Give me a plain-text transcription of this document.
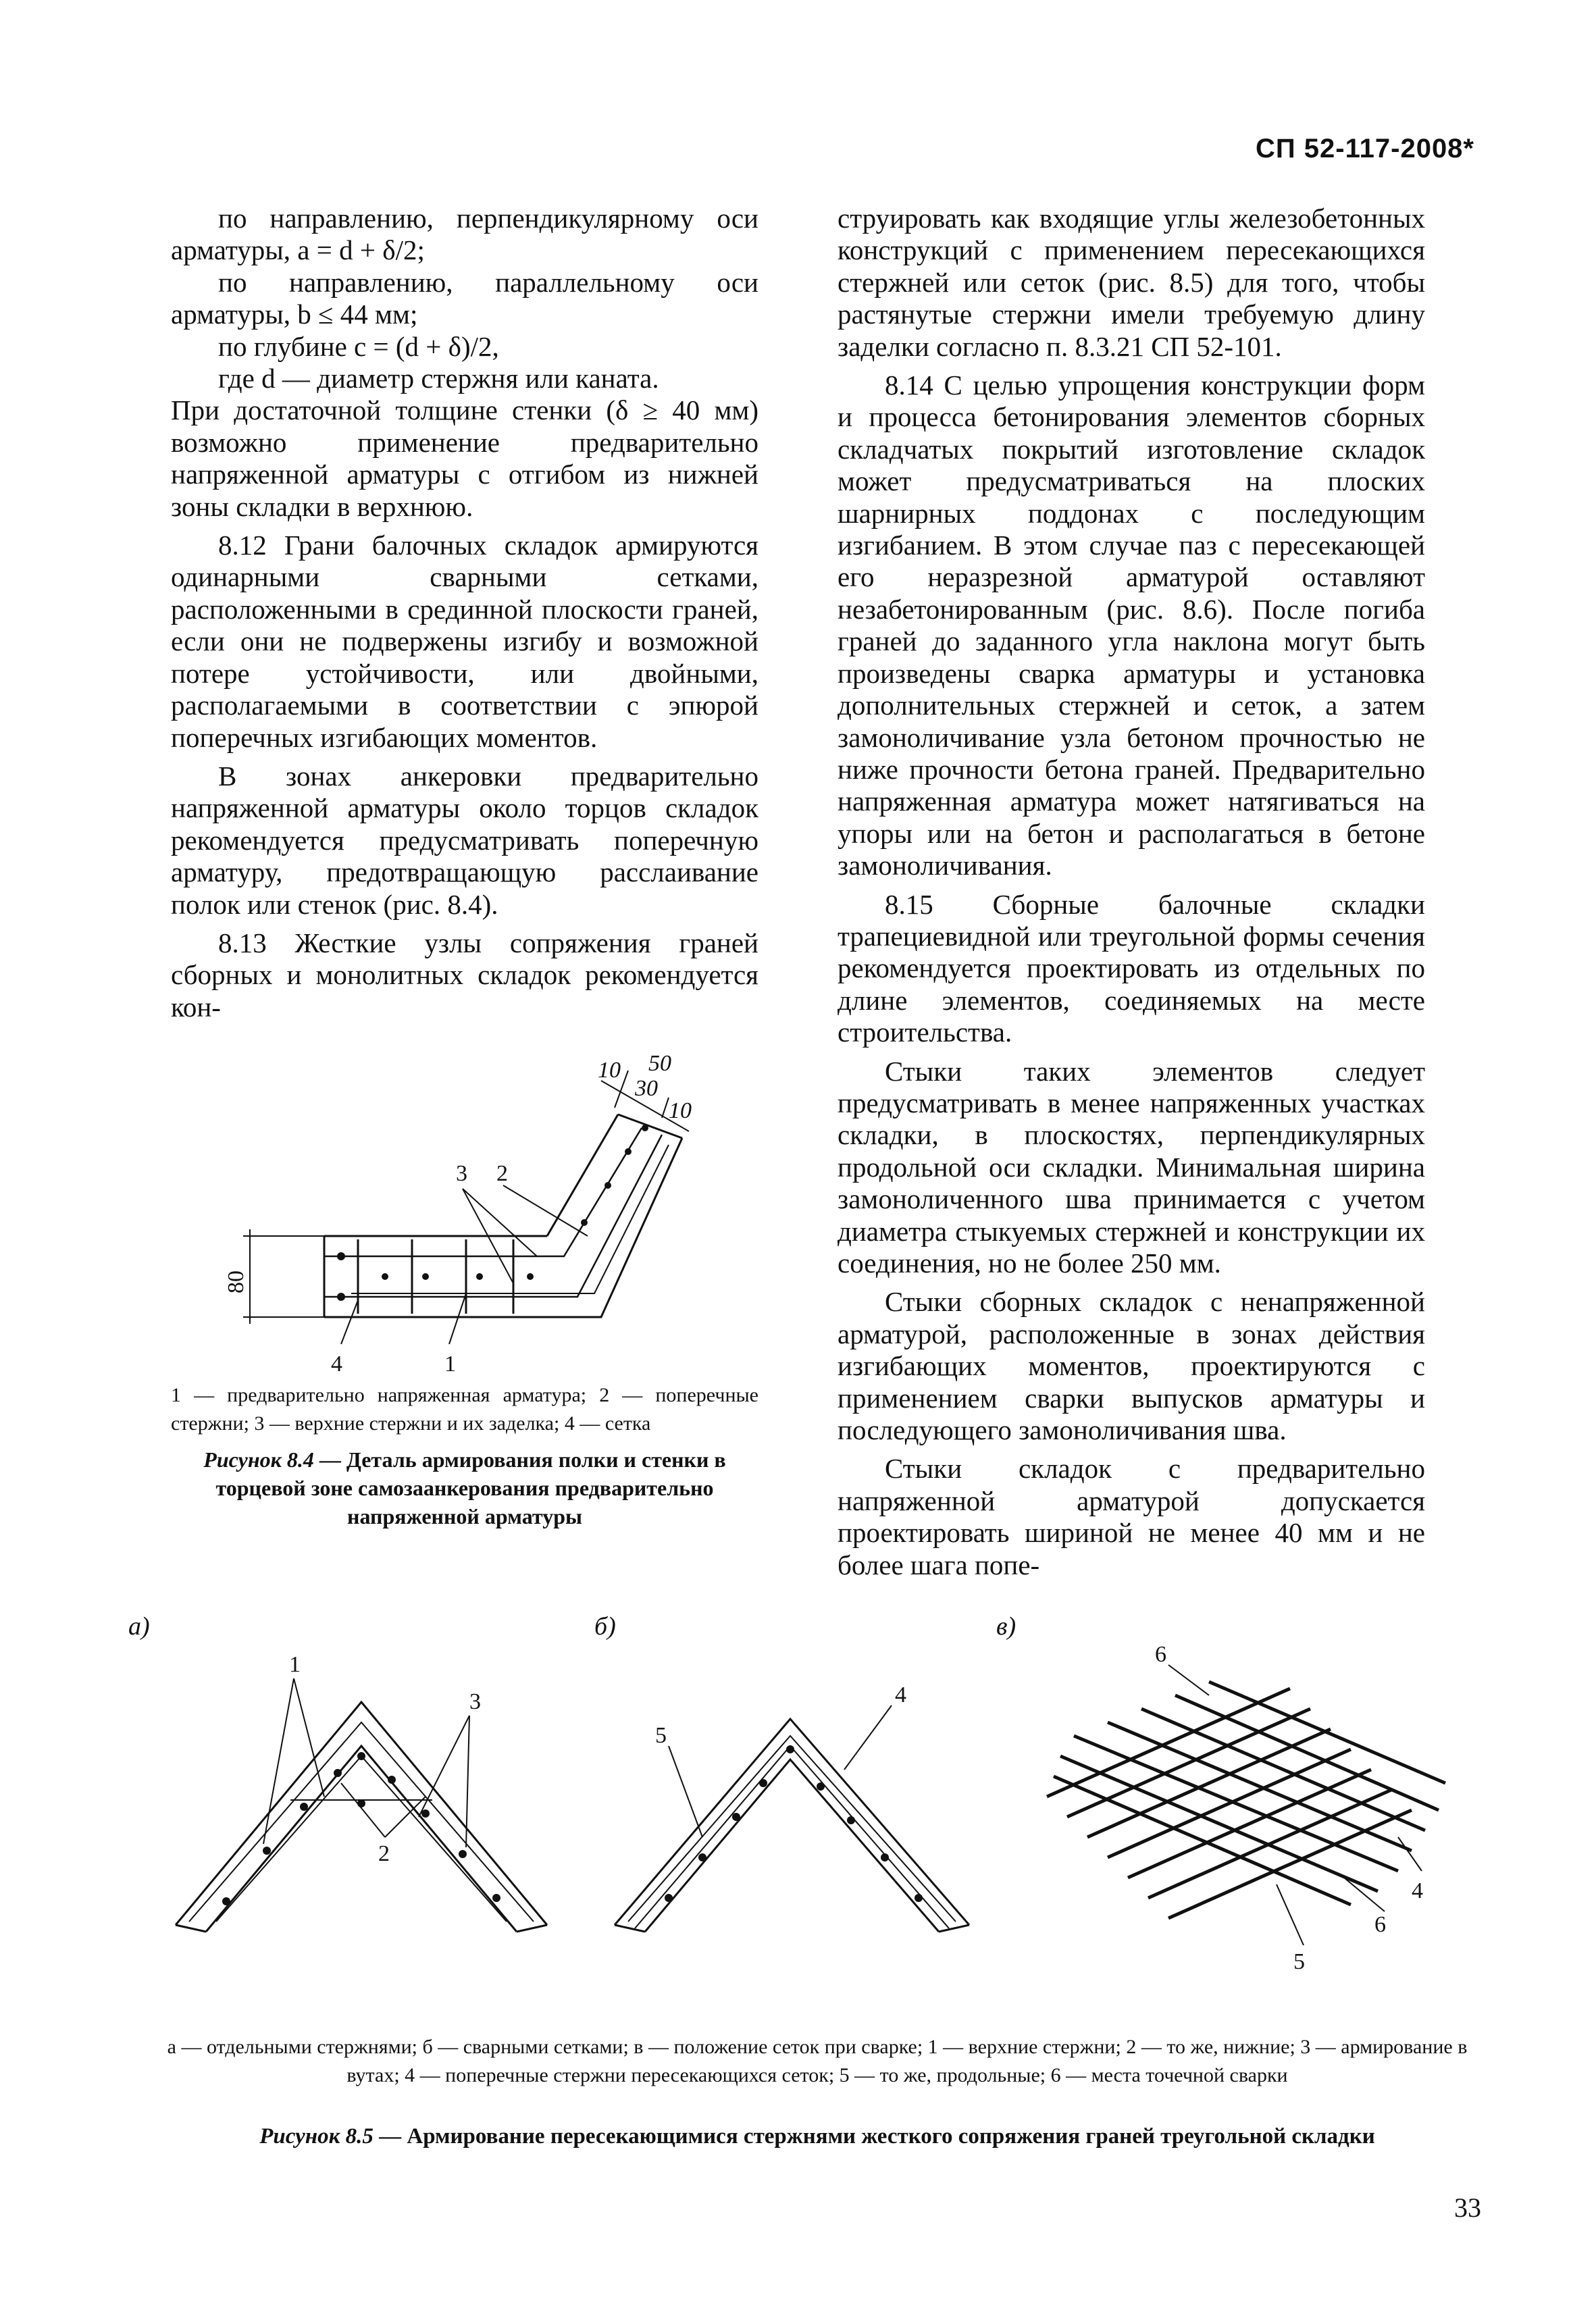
СП 52-117-2008*

по направлению, перпендикулярному оси арматуры, a = d + δ/2;

по направлению, параллельному оси арматуры, b ≤ 44 мм;

по глубине c = (d + δ)/2,

где d — диаметр стержня или каната.

При достаточной толщине стенки (δ ≥ 40 мм) возможно применение предварительно напряженной арматуры с отгибом из нижней зоны складки в верхнюю.

8.12 Грани балочных складок армируются одинарными сварными сетками, расположенными в срединной плоскости граней, если они не подвержены изгибу и возможной потере устойчивости, или двойными, располагаемыми в соответствии с эпюрой поперечных изгибающих моментов.

В зонах анкеровки предварительно напряженной арматуры около торцов складок рекомендуется предусматривать поперечную арматуру, предотвращающую расслаивание полок или стенок (рис. 8.4).

8.13 Жесткие узлы сопряжения граней сборных и монолитных складок рекомендуется кон-

струировать как входящие углы железобетонных конструкций с применением пересекающихся стержней или сеток (рис. 8.5) для того, чтобы растянутые стержни имели требуемую длину заделки согласно п. 8.3.21 СП 52-101.

8.14 С целью упрощения конструкции форм и процесса бетонирования элементов сборных складчатых покрытий изготовление складок может предусматриваться на плоских шарнирных поддонах с последующим изгибанием. В этом случае паз с пересекающей его неразрезной арматурой оставляют незабетонированным (рис. 8.6). После погиба граней до заданного угла наклона могут быть произведены сварка арматуры и установка дополнительных стержней и сеток, а затем замоноличивание узла бетоном прочностью не ниже прочности бетона граней. Предварительно напряженная арматура может натягиваться на упоры или на бетон и располагаться в бетоне замоноличивания.

8.15 Сборные балочные складки трапециевидной или треугольной формы сечения рекомендуется проектировать из отдельных по длине элементов, соединяемых на месте строительства.

Стыки таких элементов следует предусматривать в менее напряженных участках складки, в плоскостях, перпендикулярных продольной оси складки. Минимальная ширина замоноличенного шва принимается с учетом диаметра стыкуемых стержней и конструкции их соединения, но не более 250 мм.

Стыки сборных складок с ненапряженной арматурой, расположенные в зонах действия изгибающих моментов, проектируются с применением сварки выпусков арматуры и последующего замоноличивания шва.

Стыки складок с предварительно напряженной арматурой допускается проектировать шириной не менее 40 мм и не более шага попе-

10 50
30
10
80
3 2
4	1
1 — предварительно напряженная арматура; 2 — поперечные стержни; 3 — верхние стержни и их заделка; 4 — сетка
Рисунок 8.4 — Деталь армирования полки и стенки в торцевой зоне самозаанкерования предварительно напряженной арматуры
а)	б)	в)
1
3
2
4
5
6
4
6
5
а — отдельными стержнями; б — сварными сетками; в — положение сеток при сварке; 1 — верхние стержни; 2 — то же, нижние; 3 — армирование в вутах; 4 — поперечные стержни пересекающихся сеток; 5 — то же, продольные; 6 — места точечной сварки
Рисунок 8.5 — Армирование пересекающимися стержнями жесткого сопряжения граней треугольной складки
33
